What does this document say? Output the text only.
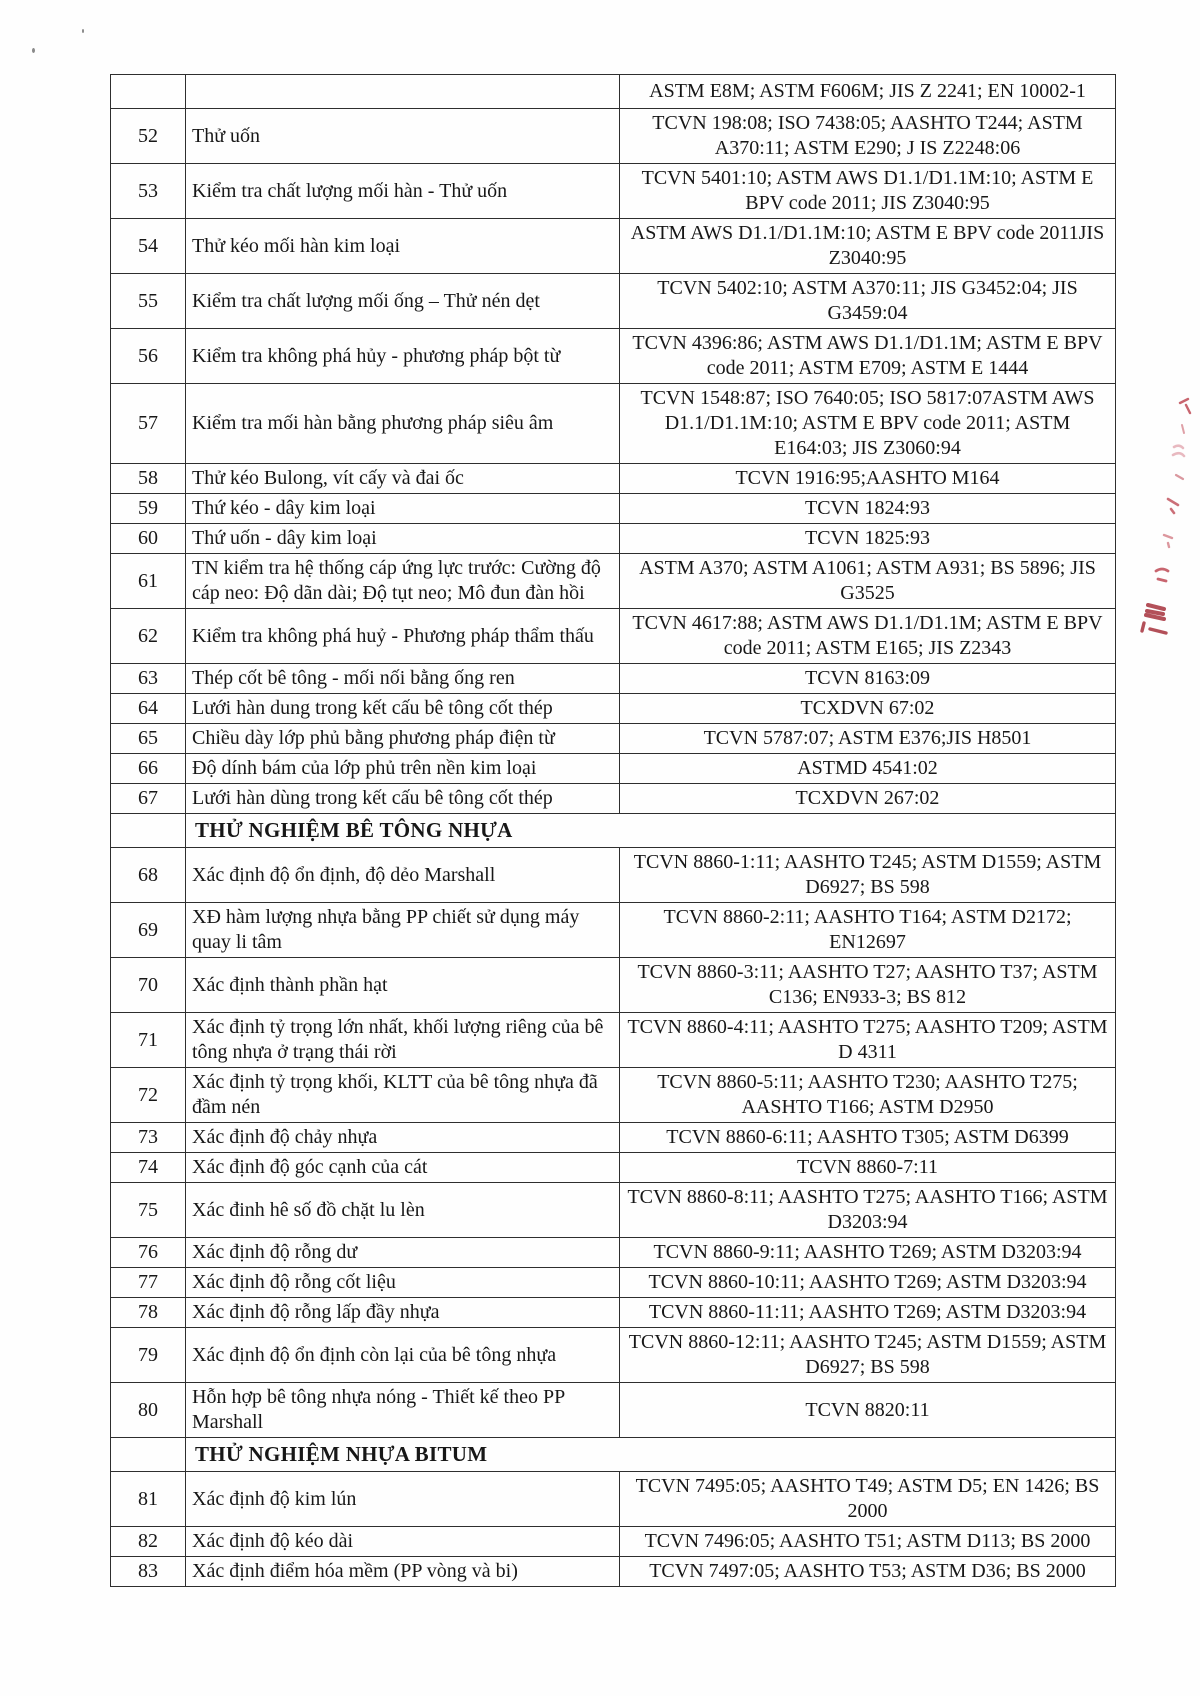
		ASTM E8M; ASTM F606M; JIS Z 2241; EN 10002-1
52	Thử uốn	TCVN 198:08; ISO 7438:05; AASHTO T244; ASTM A370:11; ASTM E290; J IS Z2248:06
53	Kiểm tra chất lượng mối hàn - Thử uốn	TCVN 5401:10; ASTM AWS D1.1/D1.1M:10; ASTM E BPV code 2011; JIS Z3040:95
54	Thử kéo mối hàn kim loại	ASTM AWS D1.1/D1.1M:10; ASTM E BPV code 2011JIS Z3040:95
55	Kiểm tra chất lượng mối ống – Thử nén dẹt	TCVN 5402:10; ASTM A370:11; JIS G3452:04; JIS G3459:04
56	Kiểm tra không phá hủy - phương pháp bột từ	TCVN 4396:86; ASTM AWS D1.1/D1.1M; ASTM E BPV code 2011; ASTM E709; ASTM E 1444
57	Kiểm tra mối hàn bằng phương pháp siêu âm	TCVN 1548:87; ISO 7640:05; ISO 5817:07ASTM AWS D1.1/D1.1M:10; ASTM E BPV code 2011; ASTM E164:03; JIS Z3060:94
58	Thử kéo Bulong, vít cấy và đai ốc	TCVN 1916:95;AASHTO M164
59	Thứ kéo - dây kim loại	TCVN 1824:93
60	Thứ uốn - dây kim loại	TCVN 1825:93
61	TN kiểm tra hệ thống cáp ứng lực trước: Cường độ cáp neo: Độ dãn dài; Độ tụt neo; Mô đun đàn hồi	ASTM A370; ASTM A1061; ASTM A931; BS 5896; JIS G3525
62	Kiểm tra không phá huỷ - Phương pháp thẩm thấu	TCVN 4617:88; ASTM AWS D1.1/D1.1M; ASTM E BPV code 2011; ASTM E165; JIS Z2343
63	Thép cốt bê tông - mối nối bằng ống ren	TCVN 8163:09
64	Lưới hàn dung trong kết cấu bê tông cốt thép	TCXDVN 67:02
65	Chiều dày lớp phủ bằng phương pháp điện từ	TCVN 5787:07; ASTM E376;JIS H8501
66	Độ dính bám của lớp phủ trên nền kim loại	ASTMD 4541:02
67	Lưới hàn dùng trong kết cấu bê tông cốt thép	TCXDVN 267:02
	THỬ NGHIỆM BÊ TÔNG NHỰA	
68	Xác định độ ổn định, độ dẻo Marshall	TCVN 8860-1:11; AASHTO T245; ASTM D1559; ASTM D6927; BS 598
69	XĐ hàm lượng nhựa bằng PP chiết sử dụng máy quay li tâm	TCVN 8860-2:11; AASHTO T164; ASTM D2172; EN12697
70	Xác định thành phần hạt	TCVN 8860-3:11; AASHTO T27; AASHTO T37; ASTM C136; EN933-3; BS 812
71	Xác định tỷ trọng lớn nhất, khối lượng riêng của bê tông nhựa ở trạng thái rời	TCVN 8860-4:11; AASHTO T275; AASHTO T209; ASTM D 4311
72	Xác định tỷ trọng khối, KLTT của bê tông nhựa đã đầm nén	TCVN 8860-5:11; AASHTO T230; AASHTO T275; AASHTO T166; ASTM D2950
73	Xác định độ chảy nhựa	TCVN 8860-6:11; AASHTO T305; ASTM D6399
74	Xác định độ góc cạnh của cát	TCVN 8860-7:11
75	Xác đinh hê số đồ chặt lu lèn	TCVN 8860-8:11; AASHTO T275; AASHTO T166; ASTM D3203:94
76	Xác định độ rỗng dư	TCVN 8860-9:11; AASHTO T269; ASTM D3203:94
77	Xác định độ rỗng cốt liệu	TCVN 8860-10:11; AASHTO T269; ASTM D3203:94
78	Xác định độ rỗng lấp đầy nhựa	TCVN 8860-11:11; AASHTO T269; ASTM D3203:94
79	Xác định độ ổn định còn lại của bê tông nhựa	TCVN 8860-12:11; AASHTO T245; ASTM D1559; ASTM D6927; BS 598
80	Hỗn hợp bê tông nhựa nóng - Thiết kế theo PP Marshall	TCVN 8820:11
	THỬ NGHIỆM NHỰA BITUM	
81	Xác định độ kim lún	TCVN 7495:05; AASHTO T49; ASTM D5; EN 1426; BS 2000
82	Xác định độ kéo dài	TCVN 7496:05; AASHTO T51; ASTM D113; BS 2000
83	Xác định điểm hóa mềm (PP vòng và bi)	TCVN 7497:05; AASHTO T53; ASTM D36; BS 2000
